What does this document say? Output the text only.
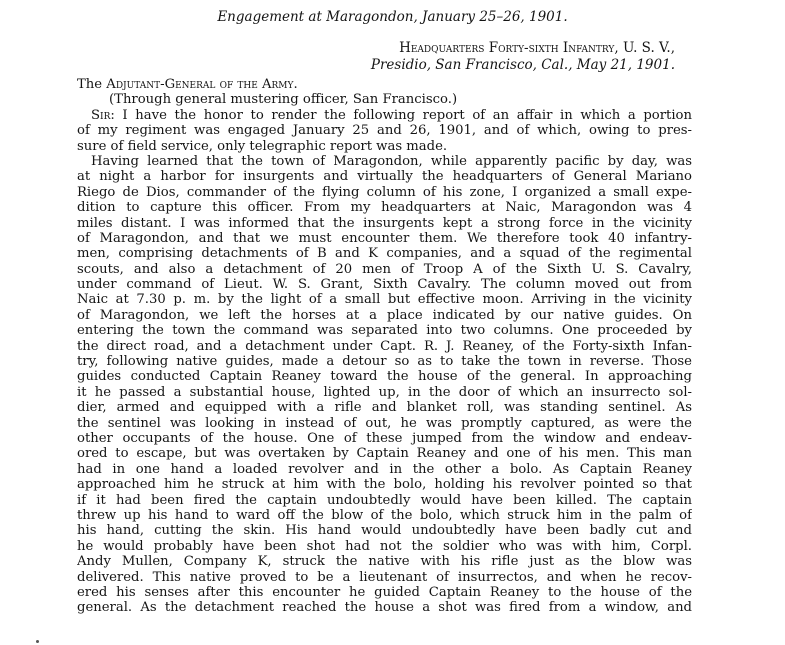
Engagement at Maragondon, January 25–26, 1901.
Headquarters Forty-sixth Infantry, U. S. V.,
Presidio, San Francisco, Cal., May 21, 1901.
The Adjutant-General of the Army.
(Through general mustering officer, San Francisco.)
Sir: I have the honor to render the following report of an affair in which a portion
of my regiment was engaged January 25 and 26, 1901, and of which, owing to pres-
sure of field service, only telegraphic report was made.
Having learned that the town of Maragondon, while apparently pacific by day, was
at night a harbor for insurgents and virtually the headquarters of General Mariano
Riego de Dios, commander of the flying column of his zone, I organized a small expe-
dition to capture this officer. From my headquarters at Naic, Maragondon was 4
miles distant. I was informed that the insurgents kept a strong force in the vicinity
of Maragondon, and that we must encounter them. We therefore took 40 infantry-
men, comprising detachments of B and K companies, and a squad of the regimental
scouts, and also a detachment of 20 men of Troop A of the Sixth U. S. Cavalry,
under command of Lieut. W. S. Grant, Sixth Cavalry. The column moved out from
Naic at 7.30 p. m. by the light of a small but effective moon. Arriving in the vicinity
of Maragondon, we left the horses at a place indicated by our native guides. On
entering the town the command was separated into two columns. One proceeded by
the direct road, and a detachment under Capt. R. J. Reaney, of the Forty-sixth Infan-
try, following native guides, made a detour so as to take the town in reverse. Those
guides conducted Captain Reaney toward the house of the general. In approaching
it he passed a substantial house, lighted up, in the door of which an insurrecto sol-
dier, armed and equipped with a rifle and blanket roll, was standing sentinel. As
the sentinel was looking in instead of out, he was promptly captured, as were the
other occupants of the house. One of these jumped from the window and endeav-
ored to escape, but was overtaken by Captain Reaney and one of his men. This man
had in one hand a loaded revolver and in the other a bolo. As Captain Reaney
approached him he struck at him with the bolo, holding his revolver pointed so that
if it had been fired the captain undoubtedly would have been killed. The captain
threw up his hand to ward off the blow of the bolo, which struck him in the palm of
his hand, cutting the skin. His hand would undoubtedly have been badly cut and
he would probably have been shot had not the soldier who was with him, Corpl.
Andy Mullen, Company K, struck the native with his rifle just as the blow was
delivered. This native proved to be a lieutenant of insurrectos, and when he recov-
ered his senses after this encounter he guided Captain Reaney to the house of the
general. As the detachment reached the house a shot was fired from a window, and
